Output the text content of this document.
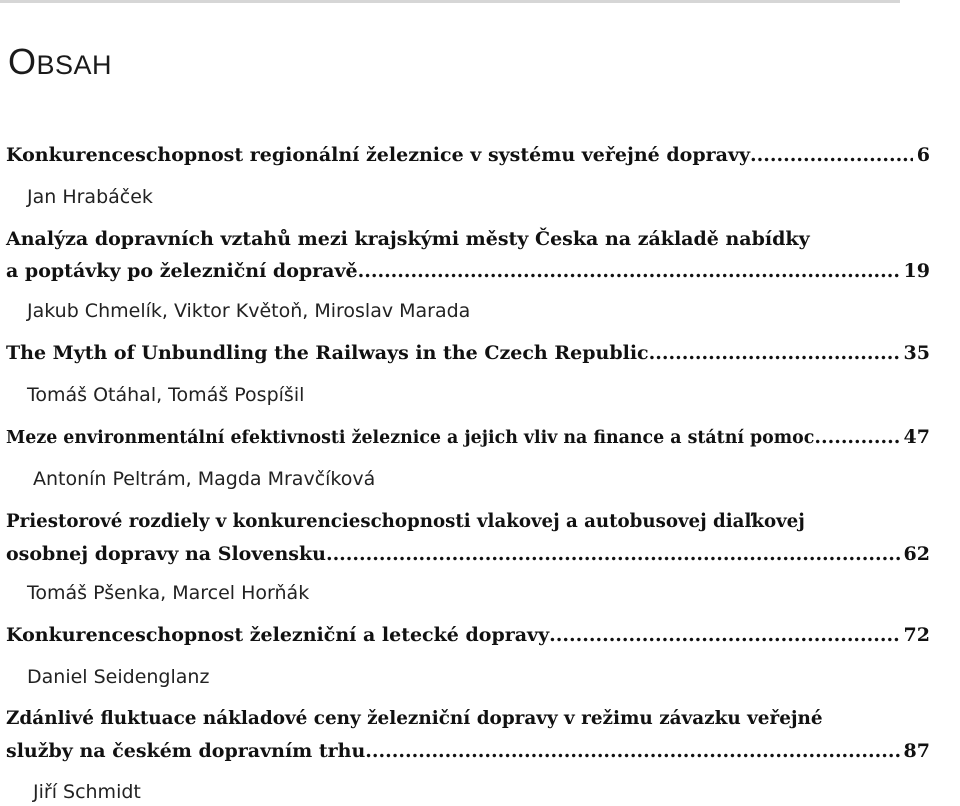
OBSAH
Konkurenceschopnost regionální železnice v systému veřejné dopravy .....	6
Jan Hrabáček
Analýza dopravních vztahů mezi krajskými městy Česka na základě nabídky
a poptávky po železniční dopravě .....	19
Jakub Chmelík, Viktor Květoň, Miroslav Marada
The Myth of Unbundling the Railways in the Czech Republic .....	35
Tomáš Otáhal, Tomáš Pospíšil
Meze environmentální efektivnosti železnice a jejich vliv na finance a státní pomoc .....	47
Antonín Peltrám, Magda Mravčíková
Priestorové rozdiely v konkurencieschopnosti vlakovej a autobusovej diaľkovej
osobnej dopravy na Slovensku .....	62
Tomáš Pšenka, Marcel Horňák
Konkurenceschopnost železniční a letecké dopravy .....	72
Daniel Seidenglanz
Zdánlivé fluktuace nákladové ceny železniční dopravy v režimu závazku veřejné
služby na českém dopravním trhu .....	87
Jiří Schmidt
